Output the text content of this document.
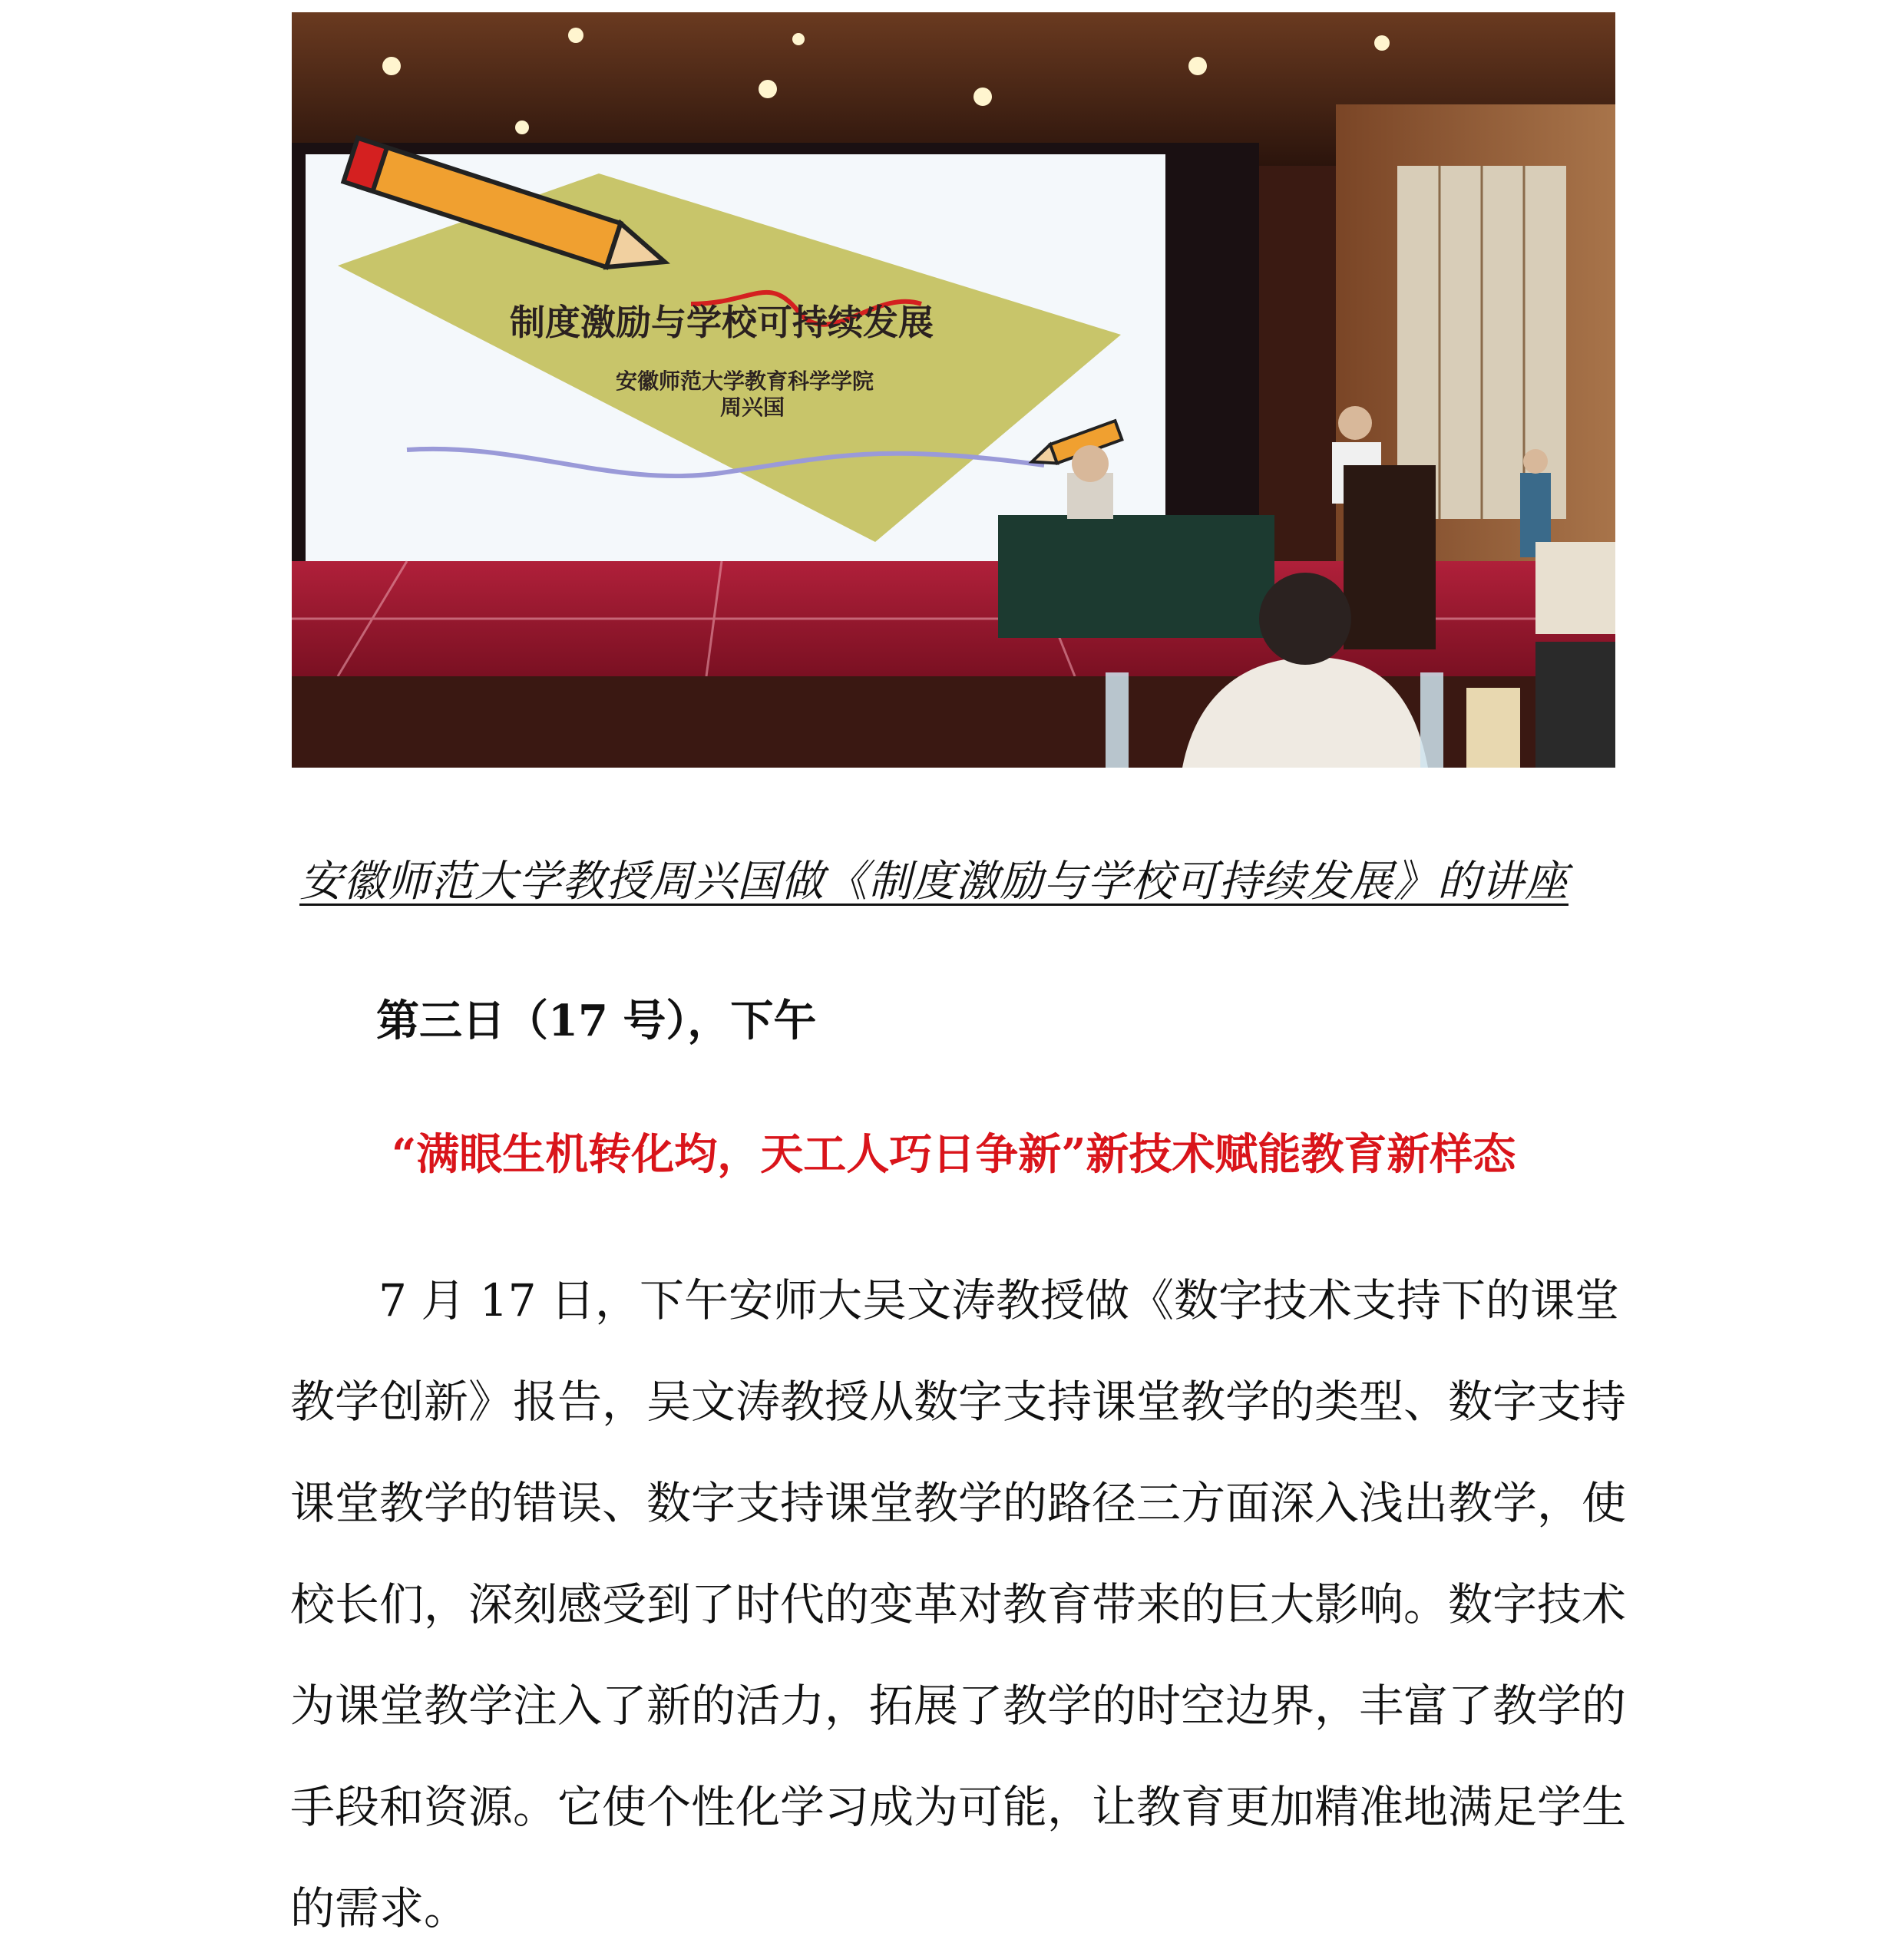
制度激励与学校可持续发展
安徽师范大学教育科学学院
周兴国
安徽师范大学教授周兴国做《制度激励与学校可持续发展》的讲座
第三日（17 号），下午
“满眼生机转化均，天工人巧日争新”新技术赋能教育新样态
7 月 17 日，下午安师大吴文涛教授做《数字技术支持下的课堂
教学创新》报告，吴文涛教授从数字支持课堂教学的类型、数字支持
课堂教学的错误、数字支持课堂教学的路径三方面深入浅出教学，使
校长们，深刻感受到了时代的变革对教育带来的巨大影响。数字技术
为课堂教学注入了新的活力，拓展了教学的时空边界，丰富了教学的
手段和资源。它使个性化学习成为可能，让教育更加精准地满足学生
的需求。
